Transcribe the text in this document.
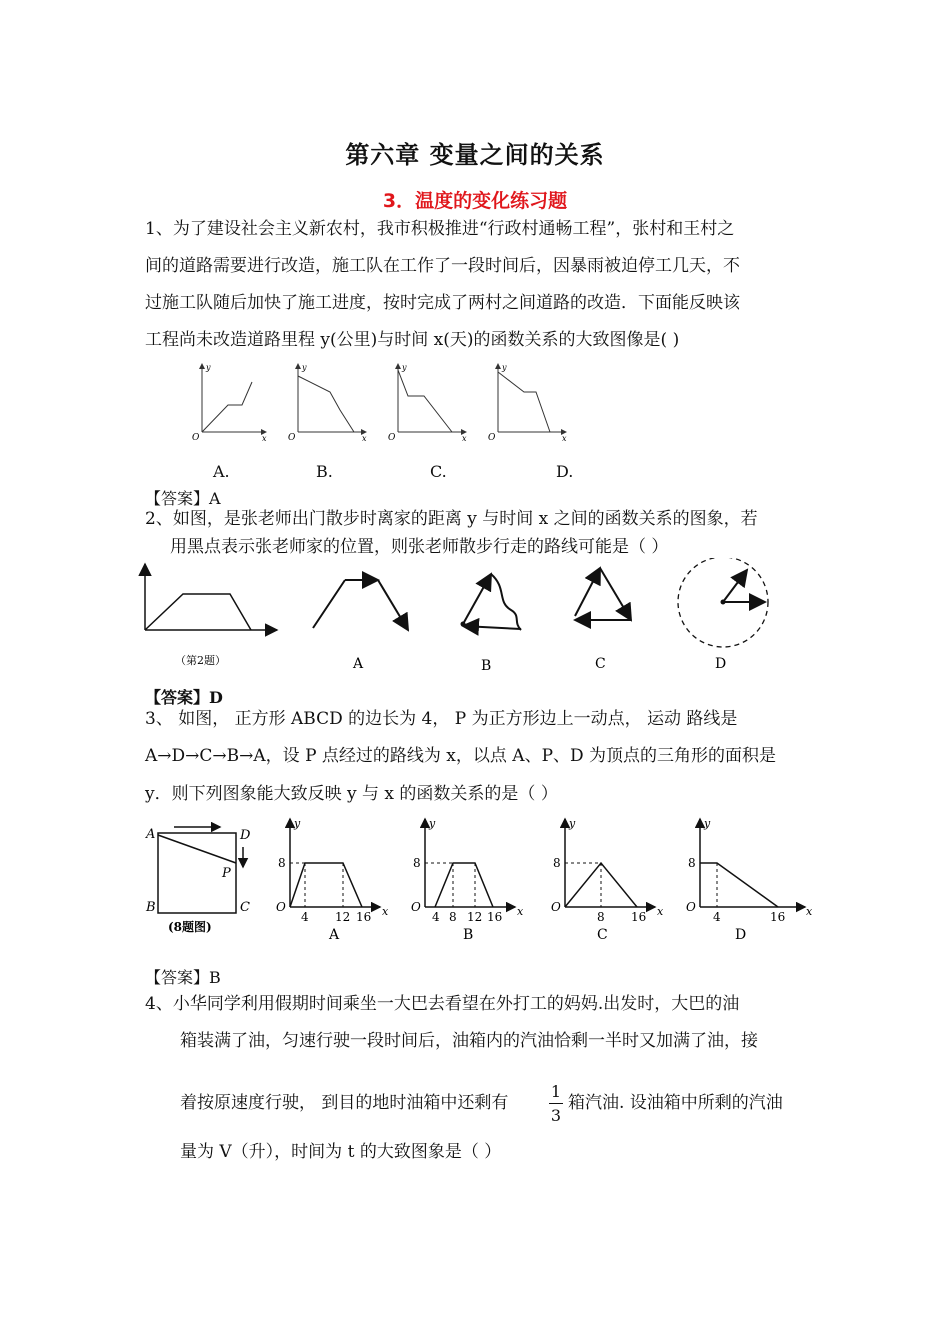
第六章 变量之间的关系
3．温度的变化练习题
1、为了建设社会主义新农村，我市积极推进“行政村通畅工程”，张村和王村之
间的道路需要进行改造，施工队在工作了一段时间后，因暴雨被迫停工几天，不
过施工队随后加快了施工进度，按时完成了两村之间道路的改造．下面能反映该
工程尚未改造道路里程 y(公里)与时间 x(天)的函数关系的大致图像是( )
y
x
O
y
x
O
y
x
O
y
x
O
A.	B.	C.	D.
【答案】A
2、如图，是张老师出门散步时离家的距离 y 与时间 x 之间的函数关系的图象，若
用黑点表示张老师家的位置，则张老师散步行走的路线可能是（ ）
（第2题）	A	B	C	D
【答案】D
3、 如图， 正方形 ABCD 的边长为 4， P 为正方形边上一动点， 运动 路线是
A→D→C→B→A，设 P 点经过的路线为 x，以点 A、P、D 为顶点的三角形的面积是
y．则下列图象能大致反映 y 与 x 的函数关系的是（ ）
A	D
B	C
P
(8题图)
y
x
O
8
4 12 16
A
y
x
O
8
4 8 12 16
B
y
x
O
8
8 16
C
y
x
O
8
4	16
D
【答案】B
4、小华同学利用假期时间乘坐一大巴去看望在外打工的妈妈.出发时，大巴的油
箱装满了油，匀速行驶一段时间后，油箱内的汽油恰剩一半时又加满了油，接
着按原速度行驶， 到目的地时油箱中还剩有
1
3
箱汽油. 设油箱中所剩的汽油
量为 V（升），时间为 t 的大致图象是（ ）
